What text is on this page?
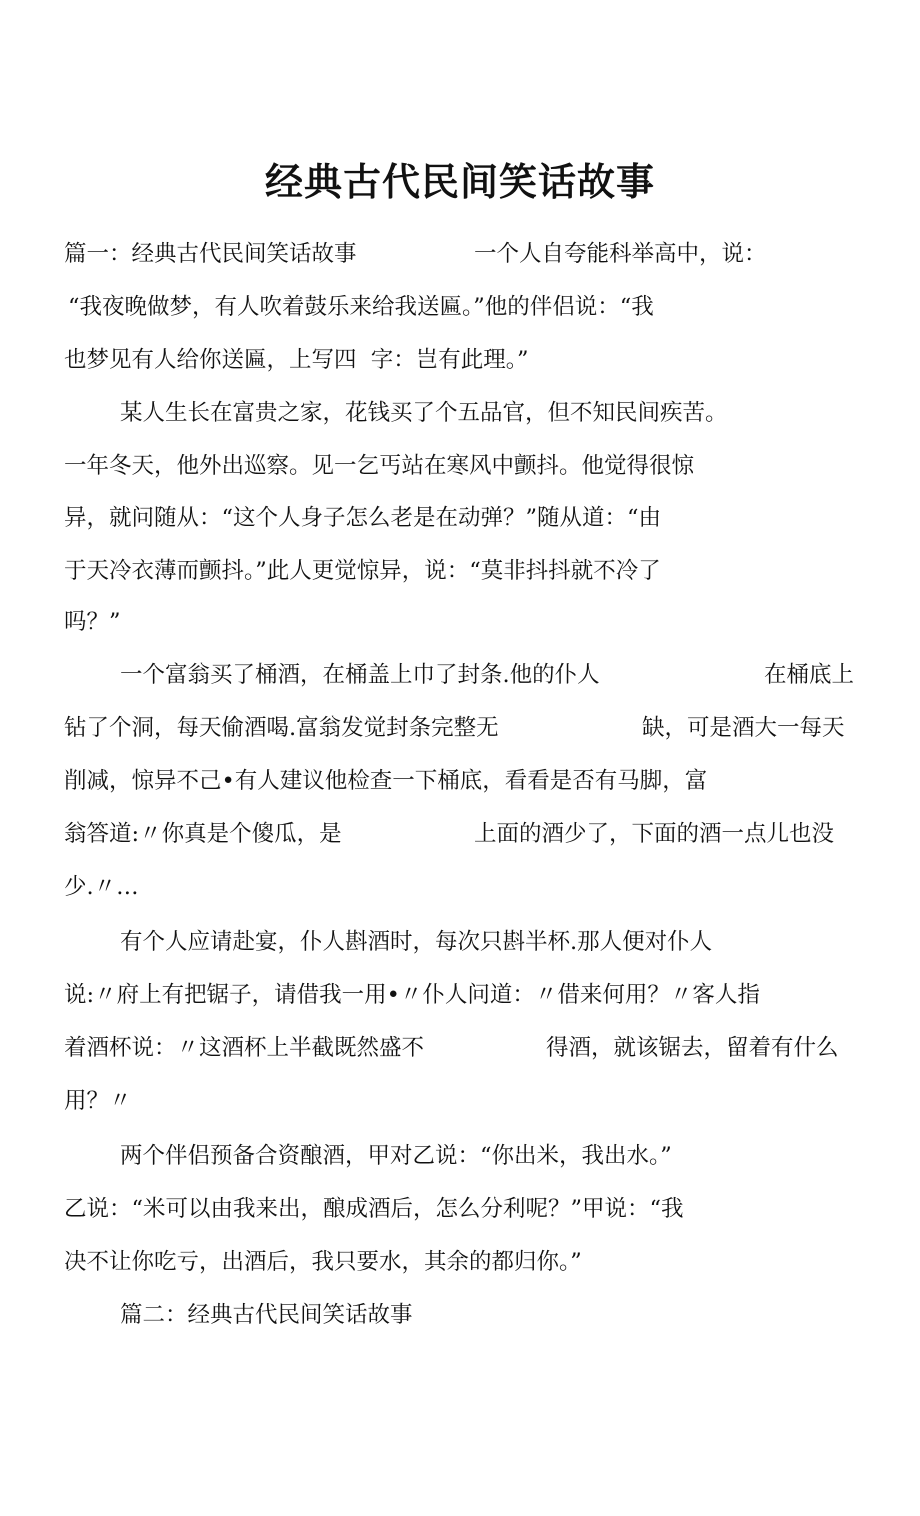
经典古代民间笑话故事

篇一：经典古代民间笑话故事	一个人自夸能科举高中，说：

“我夜晚做梦，有人吹着鼓乐来给我送匾。”他的伴侣说：“我

也梦见有人给你送匾，上写四  字：岂有此理。”

某人生长在富贵之家，花钱买了个五品官，但不知民间疾苦。

一年冬天，他外出巡察。见一乞丐站在寒风中颤抖。他觉得很惊

异，就问随从：“这个人身子怎么老是在动弹？”随从道：“由

于天冷衣薄而颤抖。”此人更觉惊异，说：“莫非抖抖就不冷了

吗？”

一个富翁买了桶酒，在桶盖上巾了封条.他的仆人	在桶底上

钻了个洞，每天偷酒喝.富翁发觉封条完整无	缺，可是酒大一每天

削减，惊异不己•有人建议他检查一下桶底，看看是否有马脚，富

翁答道:〃你真是个傻瓜，是	上面的酒少了，下面的酒一点儿也没

少.〃…

有个人应请赴宴，仆人斟酒时，每次只斟半杯.那人便对仆人

说:〃府上有把锯子，请借我一用•〃仆人问道：〃借来何用？〃客人指

着酒杯说：〃这酒杯上半截既然盛不	得酒，就该锯去，留着有什么

用？〃

两个伴侣预备合资酿酒，甲对乙说：“你出米，我出水。”

乙说：“米可以由我来出，酿成酒后，怎么分利呢？”甲说：“我

决不让你吃亏，出酒后，我只要水，其余的都归你。”

篇二：经典古代民间笑话故事
